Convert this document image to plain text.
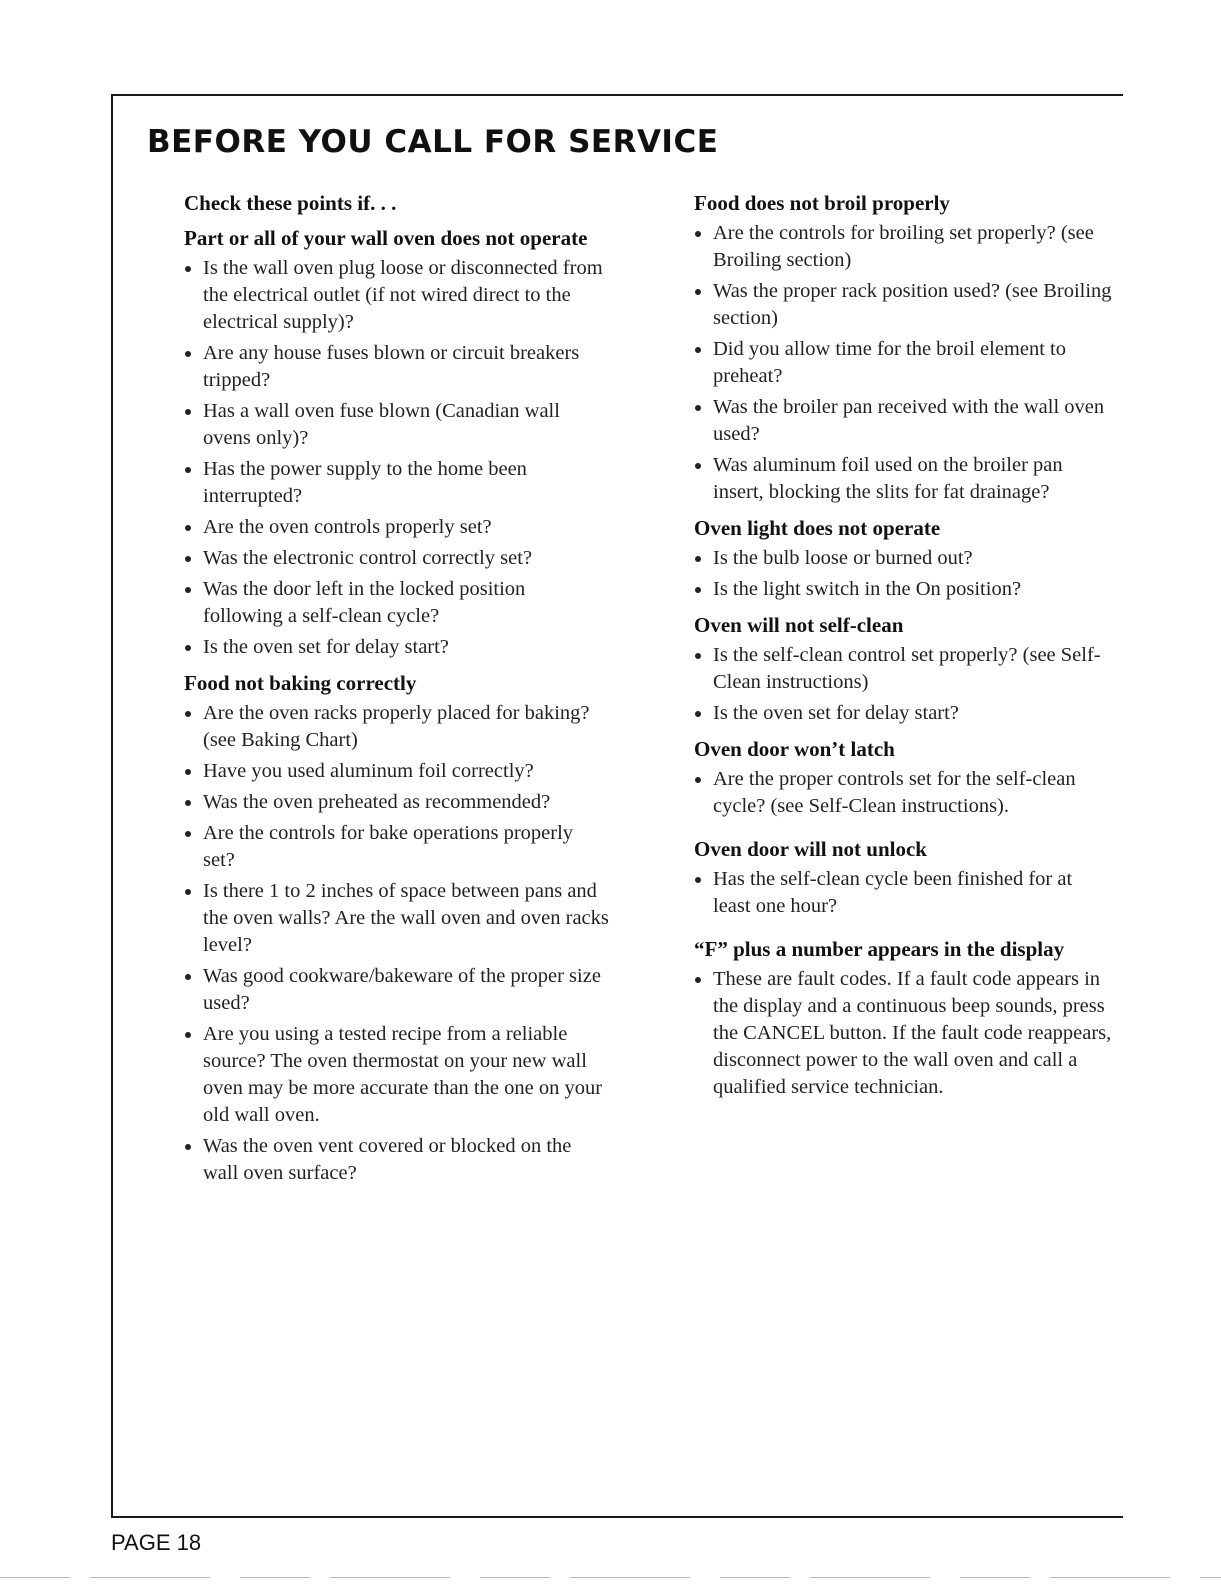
BEFORE YOU CALL FOR SERVICE

Check these points if. . .

Part or all of your wall oven does not operate

Is the wall oven plug loose or disconnected from the electrical outlet (if not wired direct to the electrical supply)?
Are any house fuses blown or circuit breakers tripped?
Has a wall oven fuse blown (Canadian wall ovens only)?
Has the power supply to the home been interrupted?
Are the oven controls properly set?
Was the electronic control correctly set?
Was the door left in the locked position following a self-clean cycle?
Is the oven set for delay start?

Food not baking correctly

Are the oven racks properly placed for baking? (see Baking Chart)
Have you used aluminum foil correctly?
Was the oven preheated as recommended?
Are the controls for bake operations properly set?
Is there 1 to 2 inches of space between pans and the oven walls? Are the wall oven and oven racks level?
Was good cookware/bakeware of the proper size used?
Are you using a tested recipe from a reliable source? The oven thermostat on your new wall oven may be more accurate than the one on your old wall oven.
Was the oven vent covered or blocked on the wall oven surface?

Food does not broil properly

Are the controls for broiling set properly? (see Broiling section)
Was the proper rack position used? (see Broiling section)
Did you allow time for the broil element to preheat?
Was the broiler pan received with the wall oven used?
Was aluminum foil used on the broiler pan insert, blocking the slits for fat drainage?

Oven light does not operate

Is the bulb loose or burned out?
Is the light switch in the On position?

Oven will not self-clean

Is the self-clean control set properly? (see Self-Clean instructions)
Is the oven set for delay start?

Oven door won’t latch

Are the proper controls set for the self-clean cycle? (see Self-Clean instructions).

Oven door will not unlock

Has the self-clean cycle been finished for at least one hour?

“F” plus a number appears in the display

These are fault codes. If a fault code appears in the display and a continuous beep sounds, press the CANCEL button. If the fault code reappears, disconnect power to the wall oven and call a qualified service technician.
PAGE 18
